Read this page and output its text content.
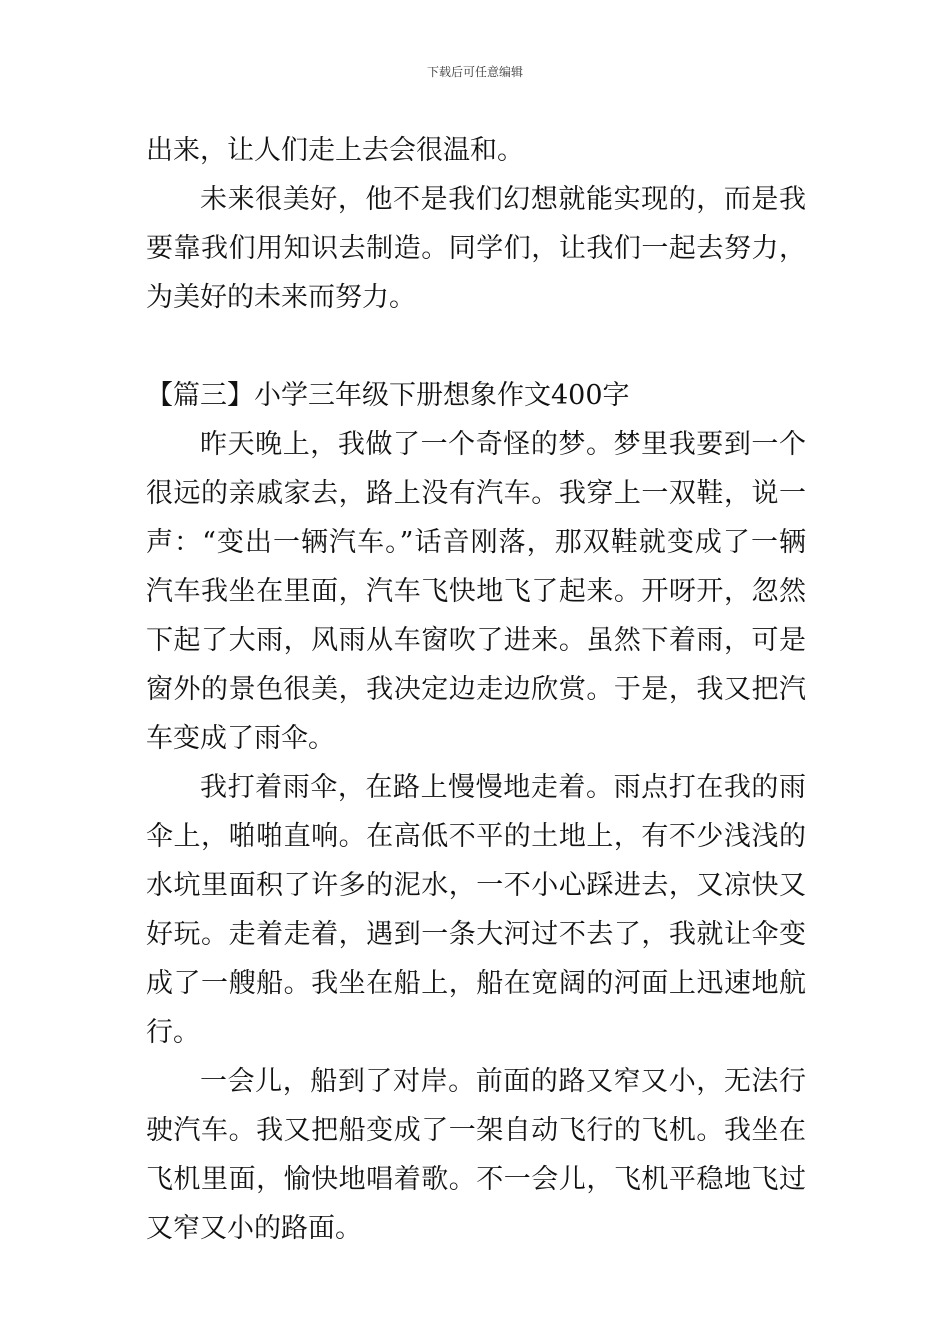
下载后可任意编辑

出来，让人们走上去会很温和。

未来很美好，他不是我们幻想就能实现的，而是我要靠我们用知识去制造。同学们，让我们一起去努力，为美好的未来而努力。

【篇三】小学三年级下册想象作文400字

昨天晚上，我做了一个奇怪的梦。梦里我要到一个很远的亲戚家去，路上没有汽车。我穿上一双鞋，说一声：“变出一辆汽车。”话音刚落，那双鞋就变成了一辆汽车我坐在里面，汽车飞快地飞了起来。开呀开，忽然下起了大雨，风雨从车窗吹了进来。虽然下着雨，可是窗外的景色很美，我决定边走边欣赏。于是，我又把汽车变成了雨伞。

我打着雨伞，在路上慢慢地走着。雨点打在我的雨伞上，啪啪直响。在高低不平的土地上，有不少浅浅的水坑里面积了许多的泥水，一不小心踩进去，又凉快又好玩。走着走着，遇到一条大河过不去了，我就让伞变成了一艘船。我坐在船上，船在宽阔的河面上迅速地航行。

一会儿，船到了对岸。前面的路又窄又小，无法行驶汽车。我又把船变成了一架自动飞行的飞机。我坐在飞机里面，愉快地唱着歌。不一会儿，飞机平稳地飞过又窄又小的路面。
